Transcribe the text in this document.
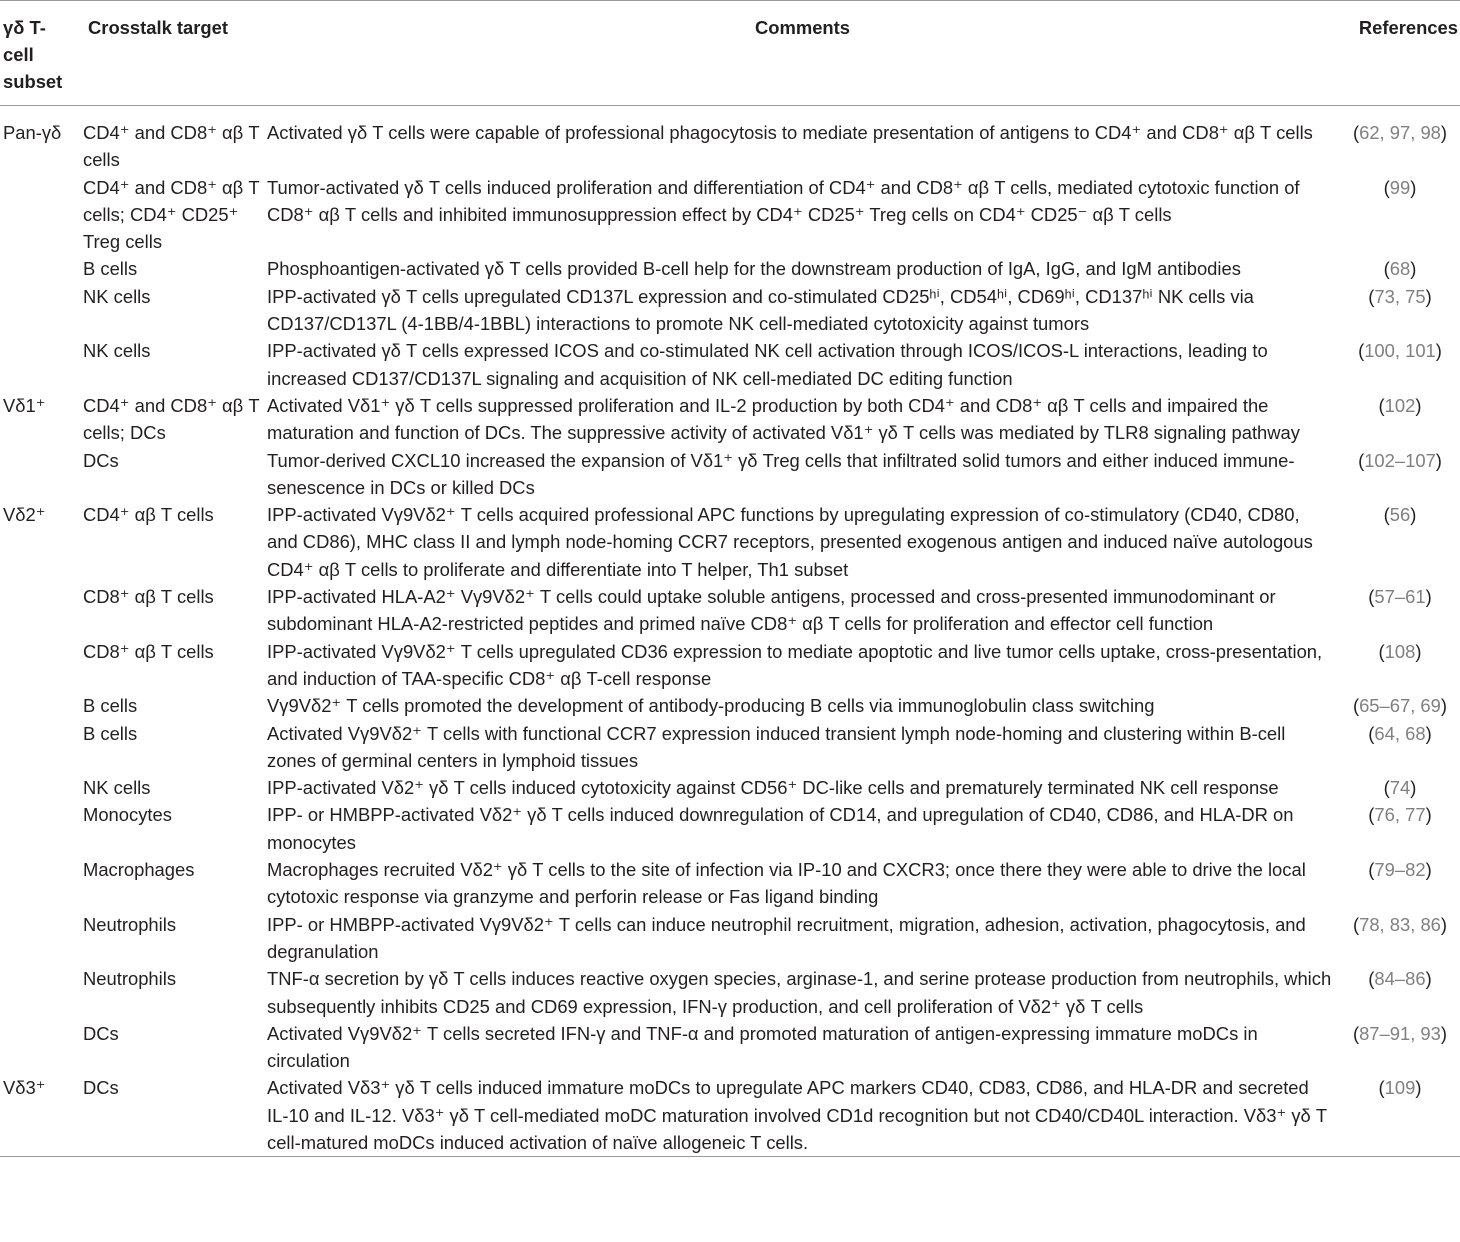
γδ T-cell subset	Crosstalk target	Comments	References
Pan-γδ	CD4⁺ and CD8⁺ αβ T cells	Activated γδ T cells were capable of professional phagocytosis to mediate presentation of antigens to CD4⁺ and CD8⁺ αβ T cells	(62, 97, 98)
	CD4⁺ and CD8⁺ αβ T cells; CD4⁺ CD25⁺ Treg cells	Tumor-activated γδ T cells induced proliferation and differentiation of CD4⁺ and CD8⁺ αβ T cells, mediated cytotoxic function of CD8⁺ αβ T cells and inhibited immunosuppression effect by CD4⁺ CD25⁺ Treg cells on CD4⁺ CD25⁻ αβ T cells	(99)
	B cells	Phosphoantigen-activated γδ T cells provided B-cell help for the downstream production of IgA, IgG, and IgM antibodies	(68)
	NK cells	IPP-activated γδ T cells upregulated CD137L expression and co-stimulated CD25ʰⁱ, CD54ʰⁱ, CD69ʰⁱ, CD137ʰⁱ NK cells via CD137/CD137L (4-1BB/4-1BBL) interactions to promote NK cell-mediated cytotoxicity against tumors	(73, 75)
	NK cells	IPP-activated γδ T cells expressed ICOS and co-stimulated NK cell activation through ICOS/ICOS-L interactions, leading to increased CD137/CD137L signaling and acquisition of NK cell-mediated DC editing function	(100, 101)
Vδ1⁺	CD4⁺ and CD8⁺ αβ T cells; DCs	Activated Vδ1⁺ γδ T cells suppressed proliferation and IL-2 production by both CD4⁺ and CD8⁺ αβ T cells and impaired the maturation and function of DCs. The suppressive activity of activated Vδ1⁺ γδ T cells was mediated by TLR8 signaling pathway	(102)
	DCs	Tumor-derived CXCL10 increased the expansion of Vδ1⁺ γδ Treg cells that infiltrated solid tumors and either induced immune-senescence in DCs or killed DCs	(102–107)
Vδ2⁺	CD4⁺ αβ T cells	IPP-activated Vγ9Vδ2⁺ T cells acquired professional APC functions by upregulating expression of co-stimulatory (CD40, CD80, and CD86), MHC class II and lymph node-homing CCR7 receptors, presented exogenous antigen and induced naïve autologous CD4⁺ αβ T cells to proliferate and differentiate into T helper, Th1 subset	(56)
	CD8⁺ αβ T cells	IPP-activated HLA-A2⁺ Vγ9Vδ2⁺ T cells could uptake soluble antigens, processed and cross-presented immunodominant or subdominant HLA-A2-restricted peptides and primed naïve CD8⁺ αβ T cells for proliferation and effector cell function	(57–61)
	CD8⁺ αβ T cells	IPP-activated Vγ9Vδ2⁺ T cells upregulated CD36 expression to mediate apoptotic and live tumor cells uptake, cross-presentation, and induction of TAA-specific CD8⁺ αβ T-cell response	(108)
	B cells	Vγ9Vδ2⁺ T cells promoted the development of antibody-producing B cells via immunoglobulin class switching	(65–67, 69)
	B cells	Activated Vγ9Vδ2⁺ T cells with functional CCR7 expression induced transient lymph node-homing and clustering within B-cell zones of germinal centers in lymphoid tissues	(64, 68)
	NK cells	IPP-activated Vδ2⁺ γδ T cells induced cytotoxicity against CD56⁺ DC-like cells and prematurely terminated NK cell response	(74)
	Monocytes	IPP- or HMBPP-activated Vδ2⁺ γδ T cells induced downregulation of CD14, and upregulation of CD40, CD86, and HLA-DR on monocytes	(76, 77)
	Macrophages	Macrophages recruited Vδ2⁺ γδ T cells to the site of infection via IP-10 and CXCR3; once there they were able to drive the local cytotoxic response via granzyme and perforin release or Fas ligand binding	(79–82)
	Neutrophils	IPP- or HMBPP-activated Vγ9Vδ2⁺ T cells can induce neutrophil recruitment, migration, adhesion, activation, phagocytosis, and degranulation	(78, 83, 86)
	Neutrophils	TNF-α secretion by γδ T cells induces reactive oxygen species, arginase-1, and serine protease production from neutrophils, which subsequently inhibits CD25 and CD69 expression, IFN-γ production, and cell proliferation of Vδ2⁺ γδ T cells	(84–86)
	DCs	Activated Vγ9Vδ2⁺ T cells secreted IFN-γ and TNF-α and promoted maturation of antigen-expressing immature moDCs in circulation	(87–91, 93)
Vδ3⁺	DCs	Activated Vδ3⁺ γδ T cells induced immature moDCs to upregulate APC markers CD40, CD83, CD86, and HLA-DR and secreted IL-10 and IL-12. Vδ3⁺ γδ T cell-mediated moDC maturation involved CD1d recognition but not CD40/CD40L interaction. Vδ3⁺ γδ T cell-matured moDCs induced activation of naïve allogeneic T cells.	(109)
